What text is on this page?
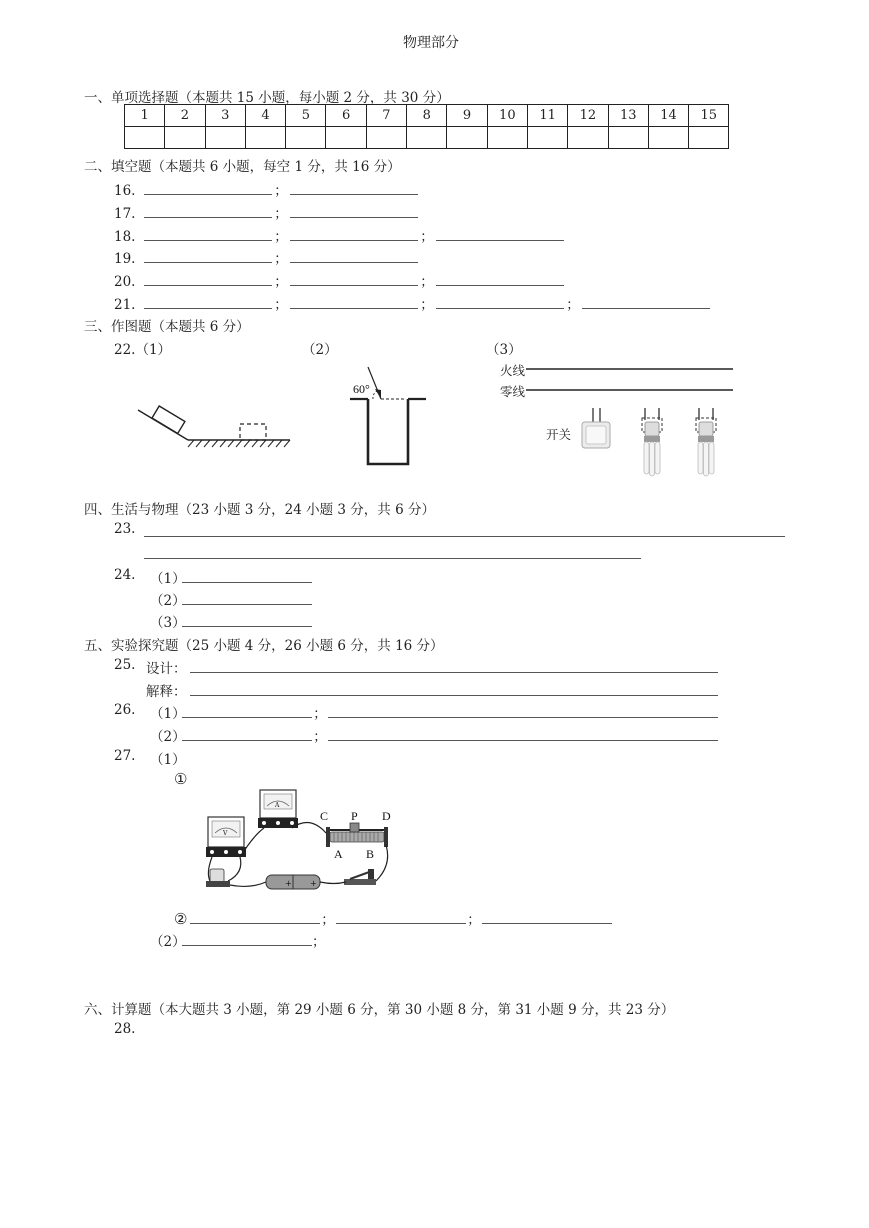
物理部分
一、单项选择题（本题共 15 小题，每小题 2 分，共 30 分）
1	2	3	4	5	6	7	8	9	10	11	12	13	14	15

二、填空题（本题共 6 小题，每空 1 分，共 16 分）
16.	；
17.	；
18.	；	；
19.	；
20.	；	；
21.	；	；	；
三、作图题（本题共 6 分）
22.（1）	（2）	（3）
60°
火线
零线
开关
四、生活与物理（23 小题 3 分，24 小题 3 分，共 6 分）
23.
24. （1）
（2）
（3）
五、实验探究题（25 小题 4 分，26 小题 6 分，共 16 分）
25. 设计：
解释：
26. （1）	；
（2）	；
27. （1）
①
V
A
C P D
A B
+ +
②	；	；
（2）	；
六、计算题（本大题共 3 小题，第 29 小题 6 分，第 30 小题 8 分，第 31 小题 9 分，共 23 分）
28.
